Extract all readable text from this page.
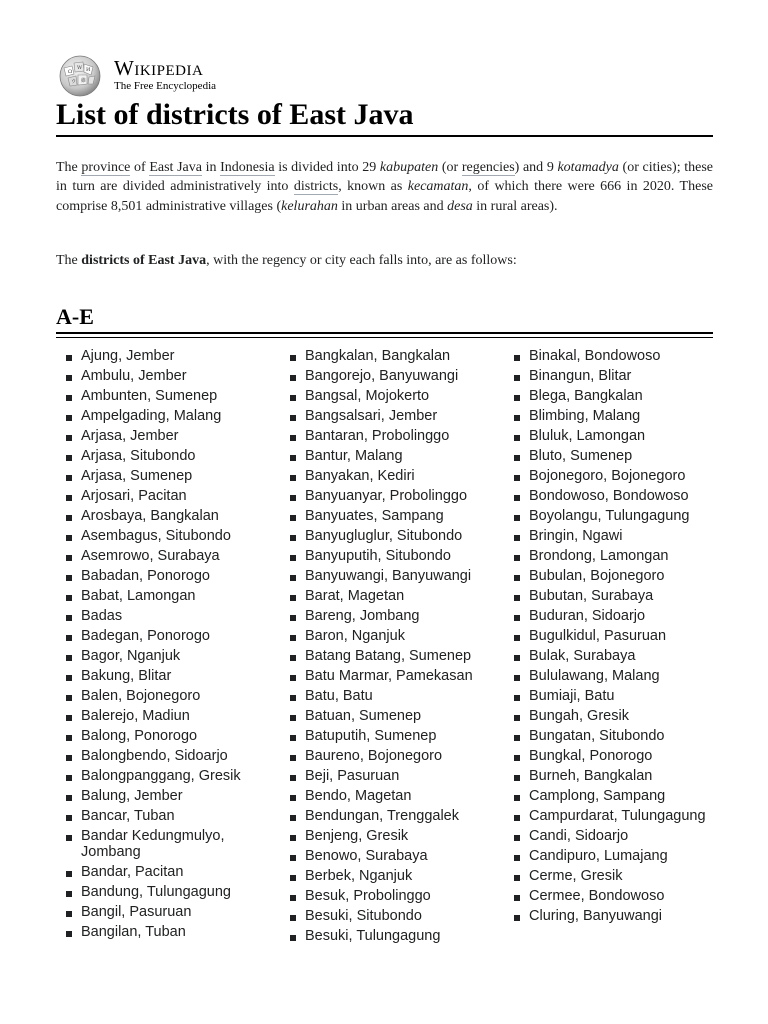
Ω
W И
ウ 維
Wikipedia
The Free Encyclopedia
List of districts of East Java

The province of East Java in Indonesia is divided into 29 kabupaten (or regencies) and 9 kotamadya (or cities); these in turn are divided administratively into districts, known as kecamatan, of which there were 666 in 2020. These comprise 8,501 administrative villages (kelurahan in urban areas and desa in rural areas).

The districts of East Java, with the regency or city each falls into, are as follows:

A-E
Ajung, Jember
Ambulu, Jember
Ambunten, Sumenep
Ampelgading, Malang
Arjasa, Jember
Arjasa, Situbondo
Arjasa, Sumenep
Arjosari, Pacitan
Arosbaya, Bangkalan
Asembagus, Situbondo
Asemrowo, Surabaya
Babadan, Ponorogo
Babat, Lamongan
Badas
Badegan, Ponorogo
Bagor, Nganjuk
Bakung, Blitar
Balen, Bojonegoro
Balerejo, Madiun
Balong, Ponorogo
Balongbendo, Sidoarjo
Balongpanggang, Gresik
Balung, Jember
Bancar, Tuban
Bandar Kedungmulyo, Jombang
Bandar, Pacitan
Bandung, Tulungagung
Bangil, Pasuruan
Bangilan, Tuban
Bangkalan, Bangkalan
Bangorejo, Banyuwangi
Bangsal, Mojokerto
Bangsalsari, Jember
Bantaran, Probolinggo
Bantur, Malang
Banyakan, Kediri
Banyuanyar, Probolinggo
Banyuates, Sampang
Banyugluglur, Situbondo
Banyuputih, Situbondo
Banyuwangi, Banyuwangi
Barat, Magetan
Bareng, Jombang
Baron, Nganjuk
Batang Batang, Sumenep
Batu Marmar, Pamekasan
Batu, Batu
Batuan, Sumenep
Batuputih, Sumenep
Baureno, Bojonegoro
Beji, Pasuruan
Bendo, Magetan
Bendungan, Trenggalek
Benjeng, Gresik
Benowo, Surabaya
Berbek, Nganjuk
Besuk, Probolinggo
Besuki, Situbondo
Besuki, Tulungagung
Binakal, Bondowoso
Binangun, Blitar
Blega, Bangkalan
Blimbing, Malang
Bluluk, Lamongan
Bluto, Sumenep
Bojonegoro, Bojonegoro
Bondowoso, Bondowoso
Boyolangu, Tulungagung
Bringin, Ngawi
Brondong, Lamongan
Bubulan, Bojonegoro
Bubutan, Surabaya
Buduran, Sidoarjo
Bugulkidul, Pasuruan
Bulak, Surabaya
Bululawang, Malang
Bumiaji, Batu
Bungah, Gresik
Bungatan, Situbondo
Bungkal, Ponorogo
Burneh, Bangkalan
Camplong, Sampang
Campurdarat, Tulungagung
Candi, Sidoarjo
Candipuro, Lumajang
Cerme, Gresik
Cermee, Bondowoso
Cluring, Banyuwangi
